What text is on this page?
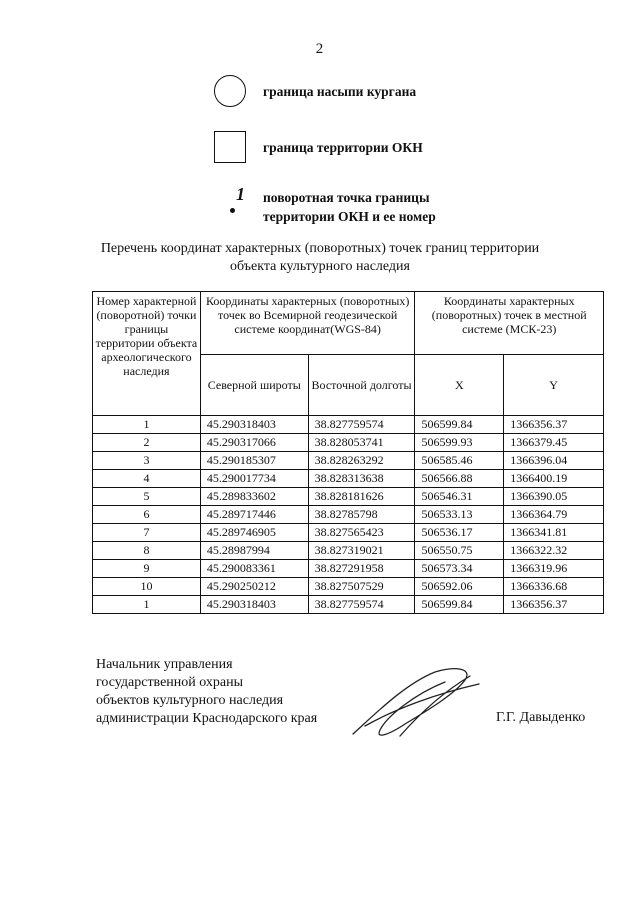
2
граница насыпи кургана
граница территории ОКН
1 поворотная точка границы
территории ОКН и ее номер
Перечень координат характерных (поворотных) точек границ территории
объекта культурного наследия
Номер характерной (поворотной) точки границы территории объекта археологического наследия	Координаты характерных (поворотных) точек во Всемирной геодезической системе координат(WGS-84)		Координаты характерных (поворотных) точек в местной системе (МСК-23)	
	Северной широты	Восточной долготы	X	Y
1	45.290318403	38.827759574	506599.84	1366356.37
2	45.290317066	38.828053741	506599.93	1366379.45
3	45.290185307	38.828263292	506585.46	1366396.04
4	45.290017734	38.828313638	506566.88	1366400.19
5	45.289833602	38.828181626	506546.31	1366390.05
6	45.289717446	38.82785798	506533.13	1366364.79
7	45.289746905	38.827565423	506536.17	1366341.81
8	45.28987994	38.827319021	506550.75	1366322.32
9	45.290083361	38.827291958	506573.34	1366319.96
10	45.290250212	38.827507529	506592.06	1366336.68
1	45.290318403	38.827759574	506599.84	1366356.37
Начальник управления
государственной охраны
объектов культурного наследия
администрации Краснодарского края	Г.Г. Давыденко
